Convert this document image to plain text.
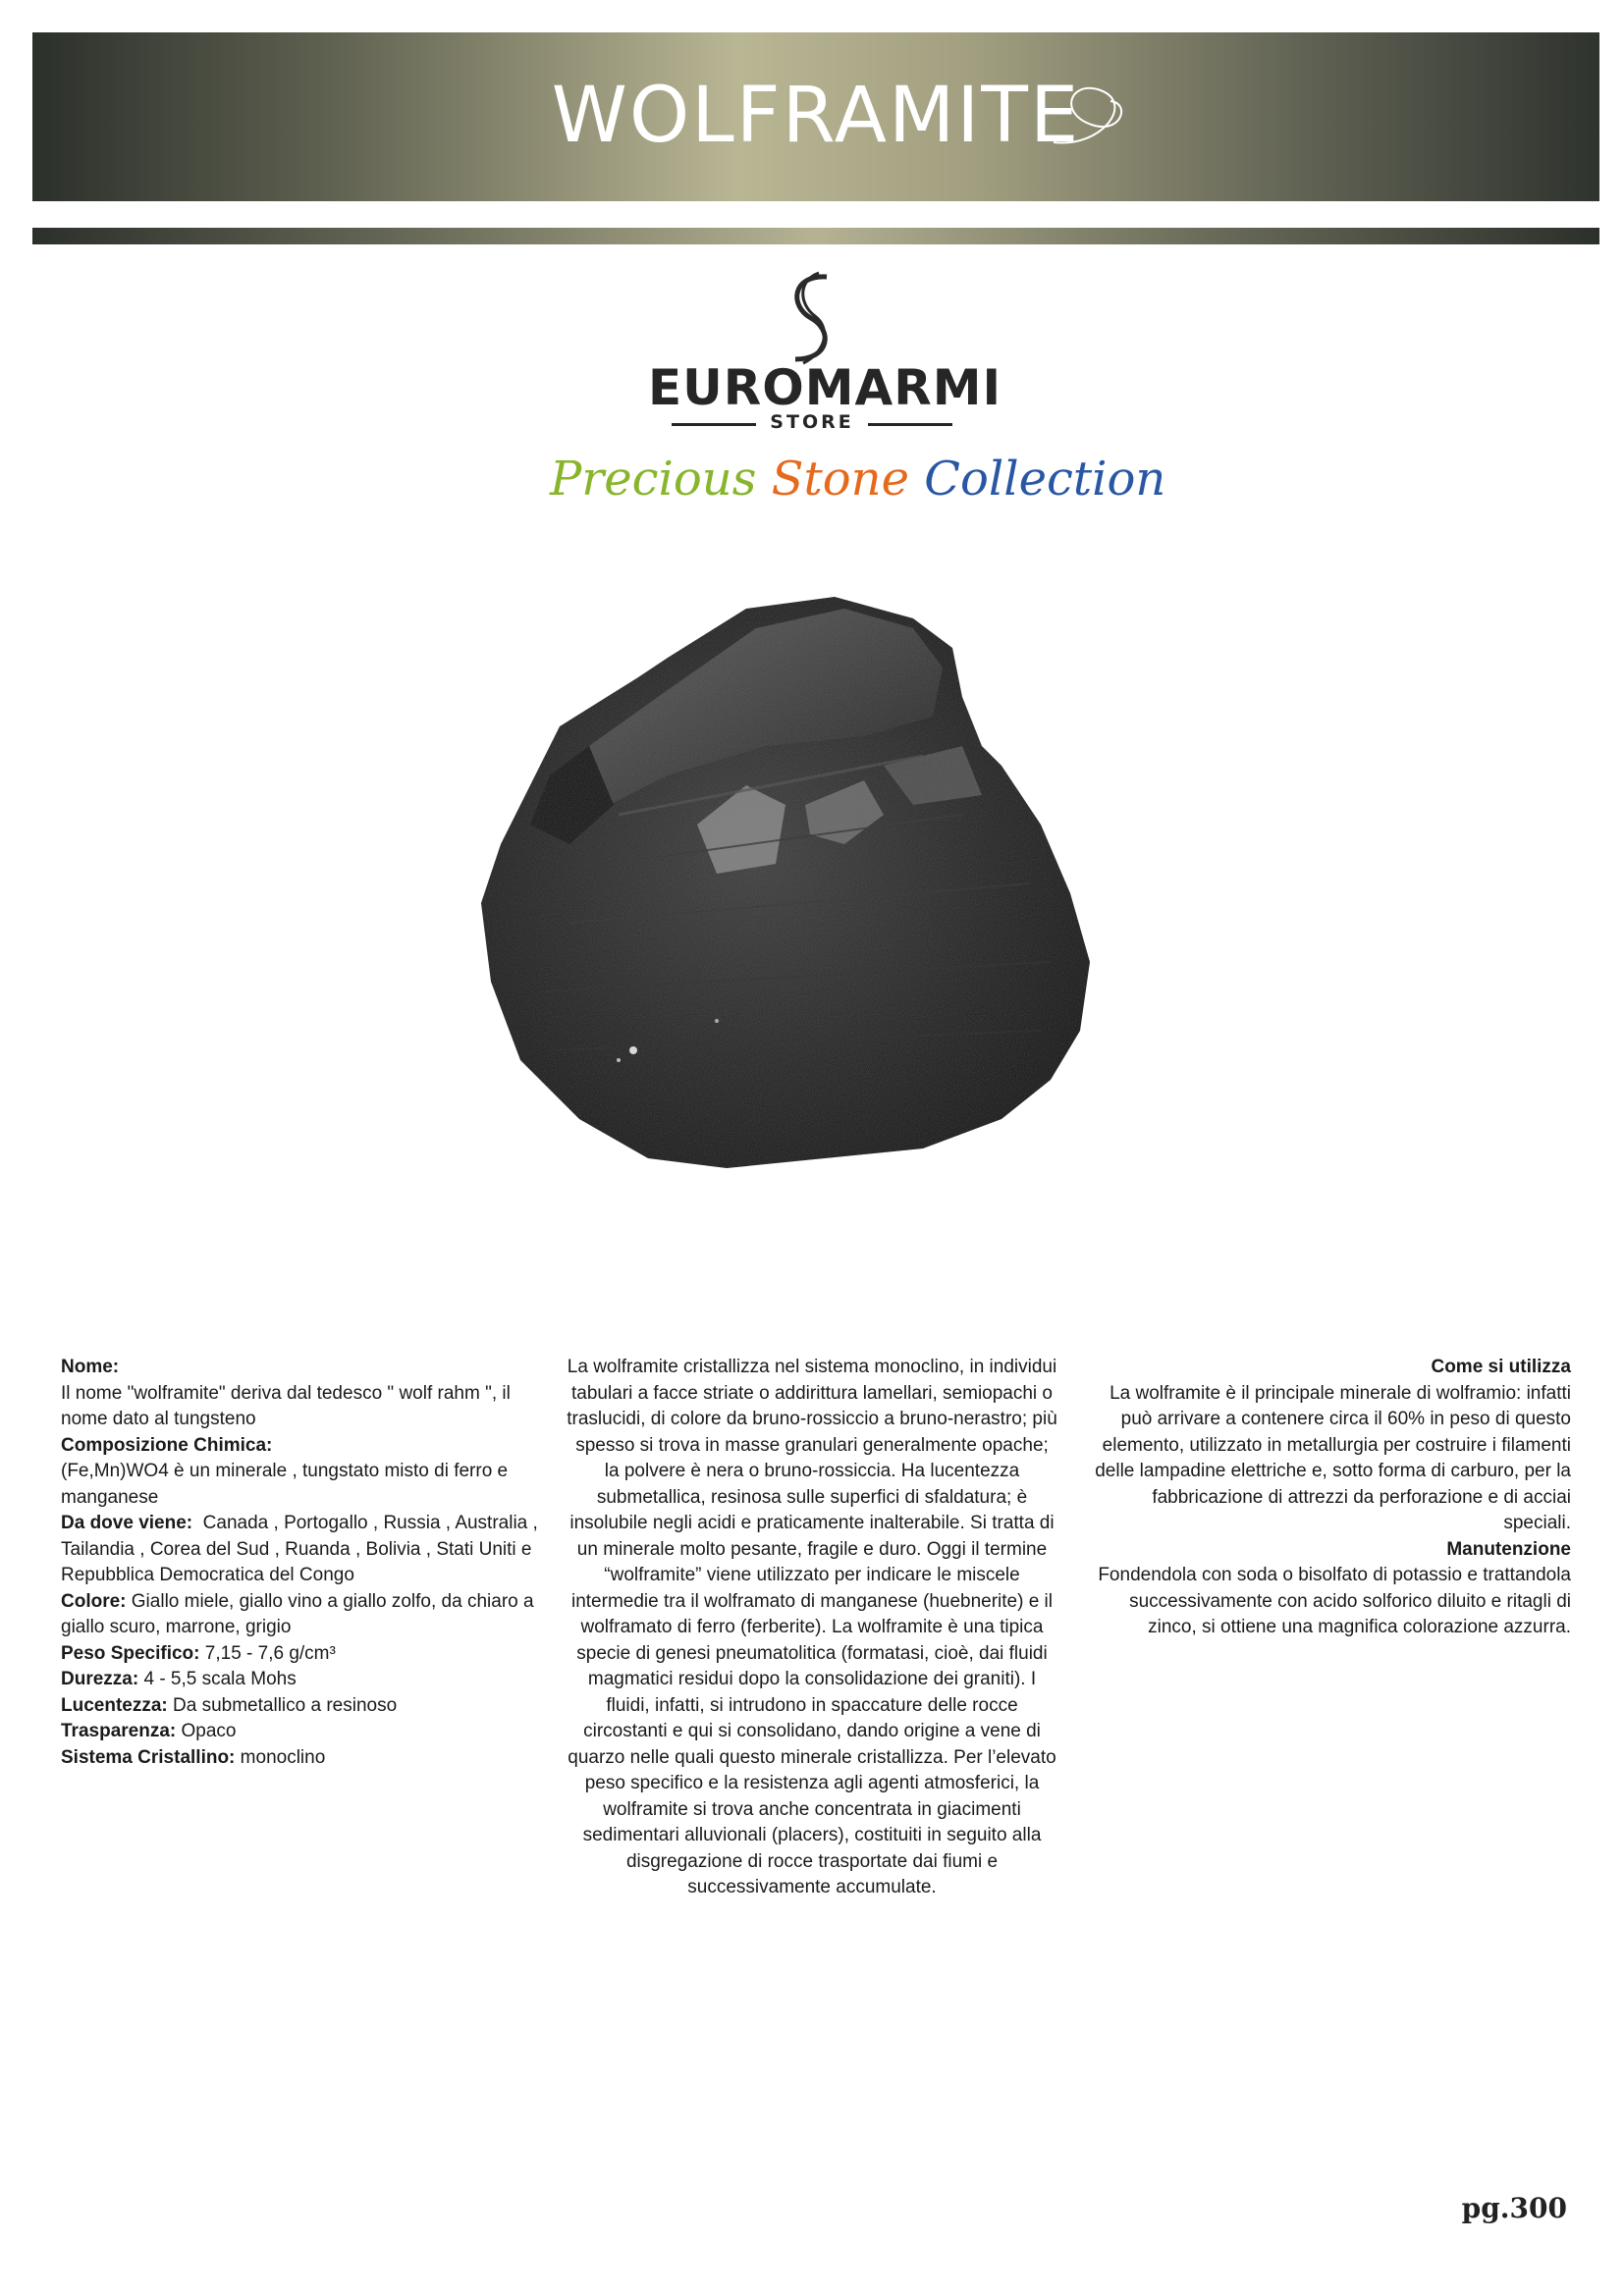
WOLFRAMITE
EUROMARMI
STORE
Precious Stone Collection

Nome:

Il nome "wolframite" deriva dal tedesco " wolf rahm ", il nome dato al tungsteno

Composizione Chimica:

(Fe,Mn)WO4 è un minerale , tungstato misto di ferro e manganese

Da dove viene: Canada , Portogallo , Russia , Australia , Tailandia , Corea del Sud , Ruanda , Bolivia , Stati Uniti e Repubblica Democratica del Congo

Colore: Giallo miele, giallo vino a giallo zolfo, da chiaro a giallo scuro, marrone, grigio

Peso Specifico: 7,15 - 7,6 g/cm³

Durezza: 4 - 5,5 scala Mohs

Lucentezza: Da submetallico a resinoso

Trasparenza: Opaco

Sistema Cristallino: monoclino

La wolframite cristallizza nel sistema monoclino, in individui tabulari a facce striate o addirittura lamellari, semiopachi o traslucidi, di colore da bruno-rossiccio a bruno-nerastro; più spesso si trova in masse granulari generalmente opache; la polvere è nera o bruno-rossiccia. Ha lucentezza submetallica, resinosa sulle superfici di sfaldatura; è insolubile negli acidi e praticamente inalterabile. Si tratta di un minerale molto pesante, fragile e duro. Oggi il termine “wolframite” viene utilizzato per indicare le miscele intermedie tra il wolframato di manganese (huebnerite) e il wolframato di ferro (ferberite). La wolframite è una tipica specie di genesi pneumatolitica (formatasi, cioè, dai fluidi magmatici residui dopo la consolidazione dei graniti). I fluidi, infatti, si intrudono in spaccature delle rocce circostanti e qui si consolidano, dando origine a vene di quarzo nelle quali questo minerale cristallizza. Per l’elevato peso specifico e la resistenza agli agenti atmosferici, la wolframite si trova anche concentrata in giacimenti sedimentari alluvionali (placers), costituiti in seguito alla disgregazione di rocce trasportate dai fiumi e successivamente accumulate.

Come si utilizza

La wolframite è il principale minerale di wolframio: infatti può arrivare a contenere circa il 60% in peso di questo elemento, utilizzato in metallurgia per costruire i filamenti delle lampadine elettriche e, sotto forma di carburo, per la fabbricazione di attrezzi da perforazione e di acciai speciali.

Manutenzione

Fondendola con soda o bisolfato di potassio e trattandola successivamente con acido solforico diluito e ritagli di zinco, si ottiene una magnifica colorazione azzurra.

pg.300
